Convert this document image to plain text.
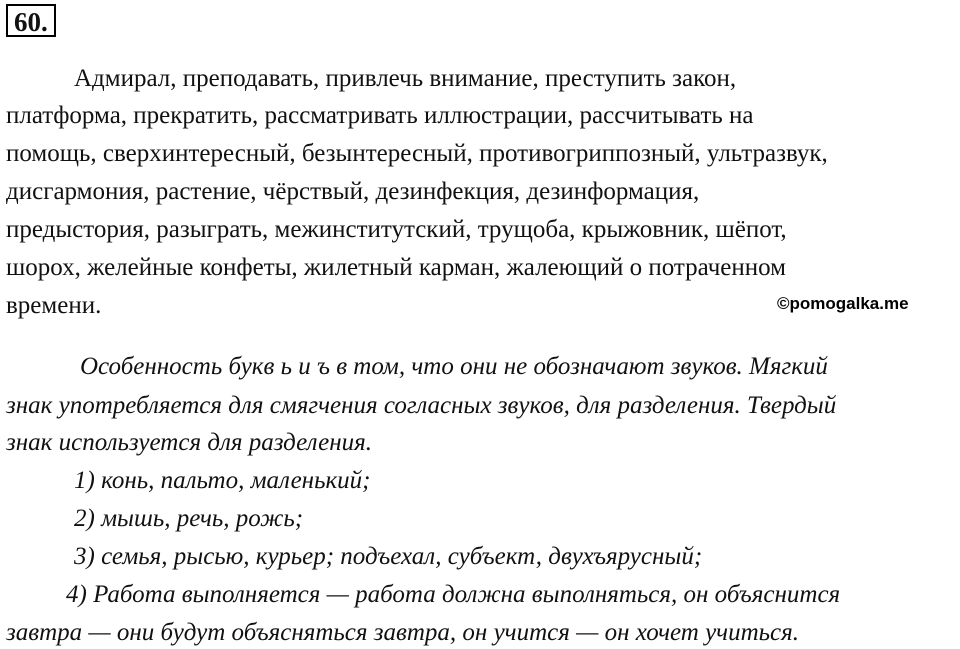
60.
Адмирал, преподавать, привлечь внимание, преступить закон,
платформа, прекратить, рассматривать иллюстрации, рассчитывать на
помощь, сверхинтересный, безынтересный, противогриппозный, ультразвук,
дисгармония, растение, чёрствый, дезинфекция, дезинформация,
предыстория, разыграть, межинститутский, трущоба, крыжовник, шёпот,
шорох, желейные конфеты, жилетный карман, жалеющий о потраченном
времени.	©pomogalka.me
Особенность букв ь и ъ в том, что они не обозначают звуков. Мягкий
знак употребляется для смягчения согласных звуков, для разделения. Твердый
знак используется для разделения.
1) конь, пальто, маленький;
2) мышь, речь, рожь;
3) семья, рысью, курьер; подъехал, субъект, двухъярусный;
4) Работа выполняется — работа должна выполняться, он объяснится
завтра — они будут объясняться завтра, он учится — он хочет учиться.
